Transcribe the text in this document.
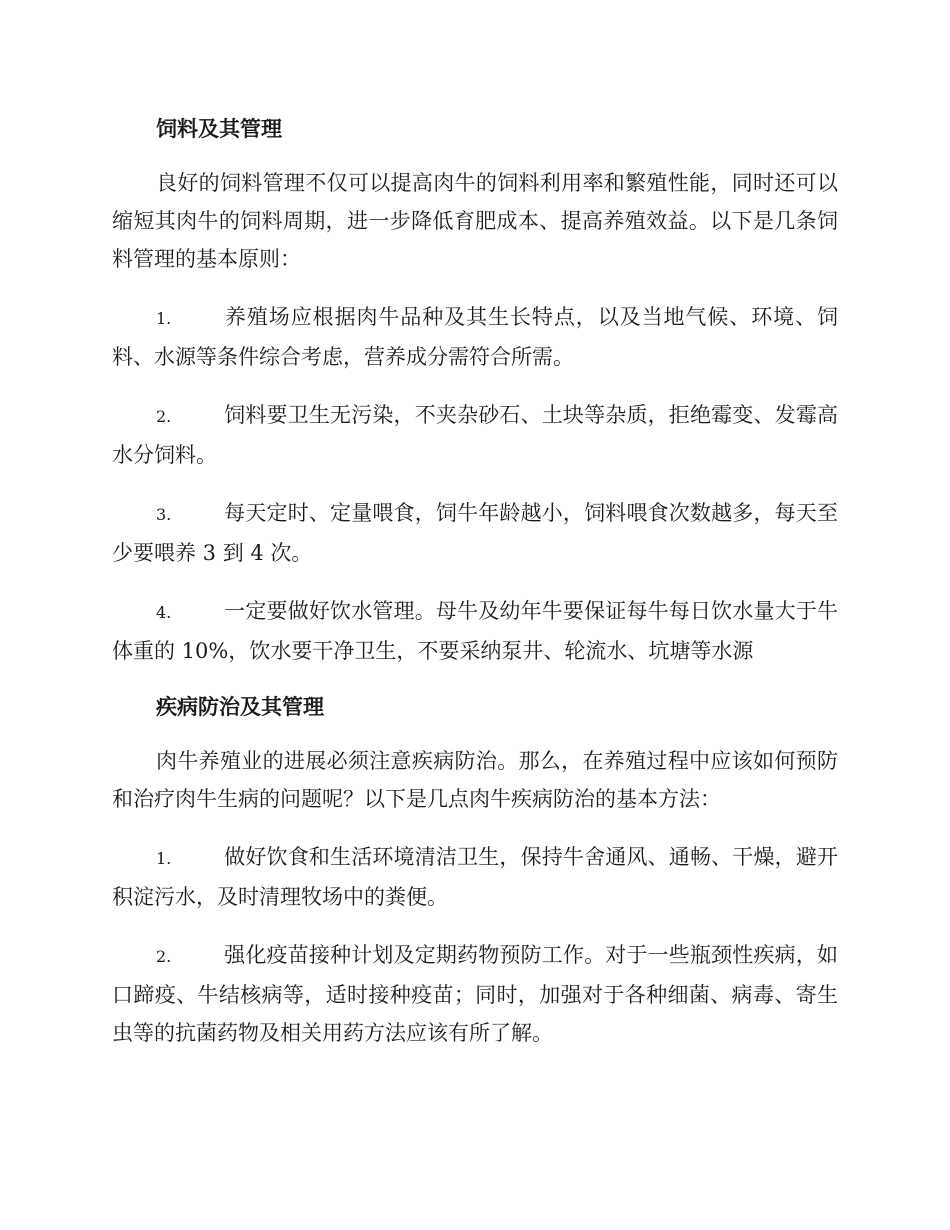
饲料及其管理

良好的饲料管理不仅可以提高肉牛的饲料利用率和繁殖性能，同时还可以缩短其肉牛的饲料周期，进一步降低育肥成本、提高养殖效益。以下是几条饲料管理的基本原则：

1.	养殖场应根据肉牛品种及其生长特点，以及当地气候、环境、饲料、水源等条件综合考虑，营养成分需符合所需。

2.	饲料要卫生无污染，不夹杂砂石、土块等杂质，拒绝霉变、发霉高水分饲料。

3.	每天定时、定量喂食，饲牛年龄越小，饲料喂食次数越多，每天至少要喂养 3 到 4 次。

4.	一定要做好饮水管理。母牛及幼年牛要保证每牛每日饮水量大于牛体重的 10%，饮水要干净卫生，不要采纳泵井、轮流水、坑塘等水源

疾病防治及其管理

肉牛养殖业的进展必须注意疾病防治。那么，在养殖过程中应该如何预防和治疗肉牛生病的问题呢？以下是几点肉牛疾病防治的基本方法：

1.	做好饮食和生活环境清洁卫生，保持牛舍通风、通畅、干燥，避开积淀污水，及时清理牧场中的粪便。

2.	强化疫苗接种计划及定期药物预防工作。对于一些瓶颈性疾病，如口蹄疫、牛结核病等，适时接种疫苗；同时，加强对于各种细菌、病毒、寄生虫等的抗菌药物及相关用药方法应该有所了解。
